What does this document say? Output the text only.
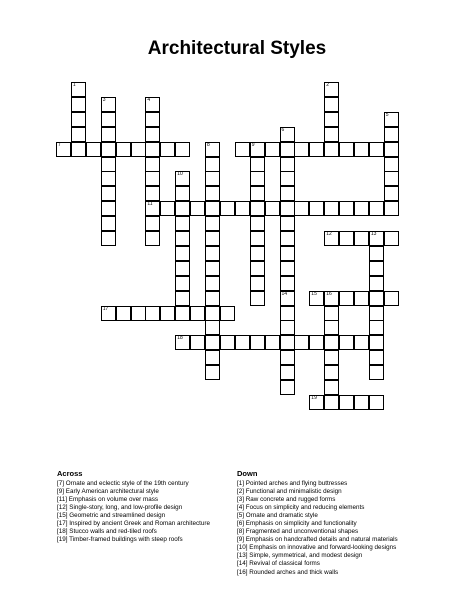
Architectural Styles
1	2
3	4
11
5
6
8	9
10
13
14	16
7
12
15
17
18
19
Across
[7] Ornate and eclectic style of the 19th century
[9] Early American architectural style
[11] Emphasis on volume over mass
[12] Single-story, long, and low-profile design
[15] Geometric and streamlined design
[17] Inspired by ancient Greek and Roman architecture
[18] Stucco walls and red-tiled roofs
[19] Timber-framed buildings with steep roofs
Down
[1] Pointed arches and flying buttresses
[2] Functional and minimalistic design
[3] Raw concrete and rugged forms
[4] Focus on simplicity and reducing elements
[5] Ornate and dramatic style
[6] Emphasis on simplicity and functionality
[8] Fragmented and unconventional shapes
[9] Emphasis on handcrafted details and natural materials
[10] Emphasis on innovative and forward-looking designs
[13] Simple, symmetrical, and modest design
[14] Revival of classical forms
[16] Rounded arches and thick walls
